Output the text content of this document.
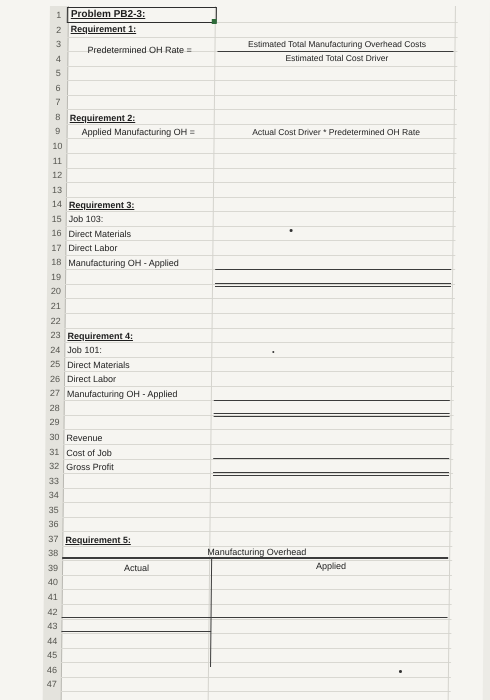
1
2
3
4
5
6
7
8
9
10
11
12
13
14
15
16
17
18
19
20
21
22
23
24
25
26
27
28
29
30
31
32
33
34
35
36
37
38
39
40
41
42
43
44
45
46
47
Problem PB2-3:
Requirement 1:
Predetermined OH Rate =
Estimated Total Manufacturing Overhead Costs
Estimated Total Cost Driver
Requirement 2:
Applied Manufacturing OH =	Actual Cost Driver * Predetermined OH Rate
Requirement 3:
Job 103:
Direct Materials
Direct Labor
Manufacturing OH - Applied
Requirement 4:
Job 101:
Direct Materials
Direct Labor
Manufacturing OH - Applied
Revenue
Cost of Job
Gross Profit
Requirement 5:
Manufacturing Overhead
Actual	Applied
